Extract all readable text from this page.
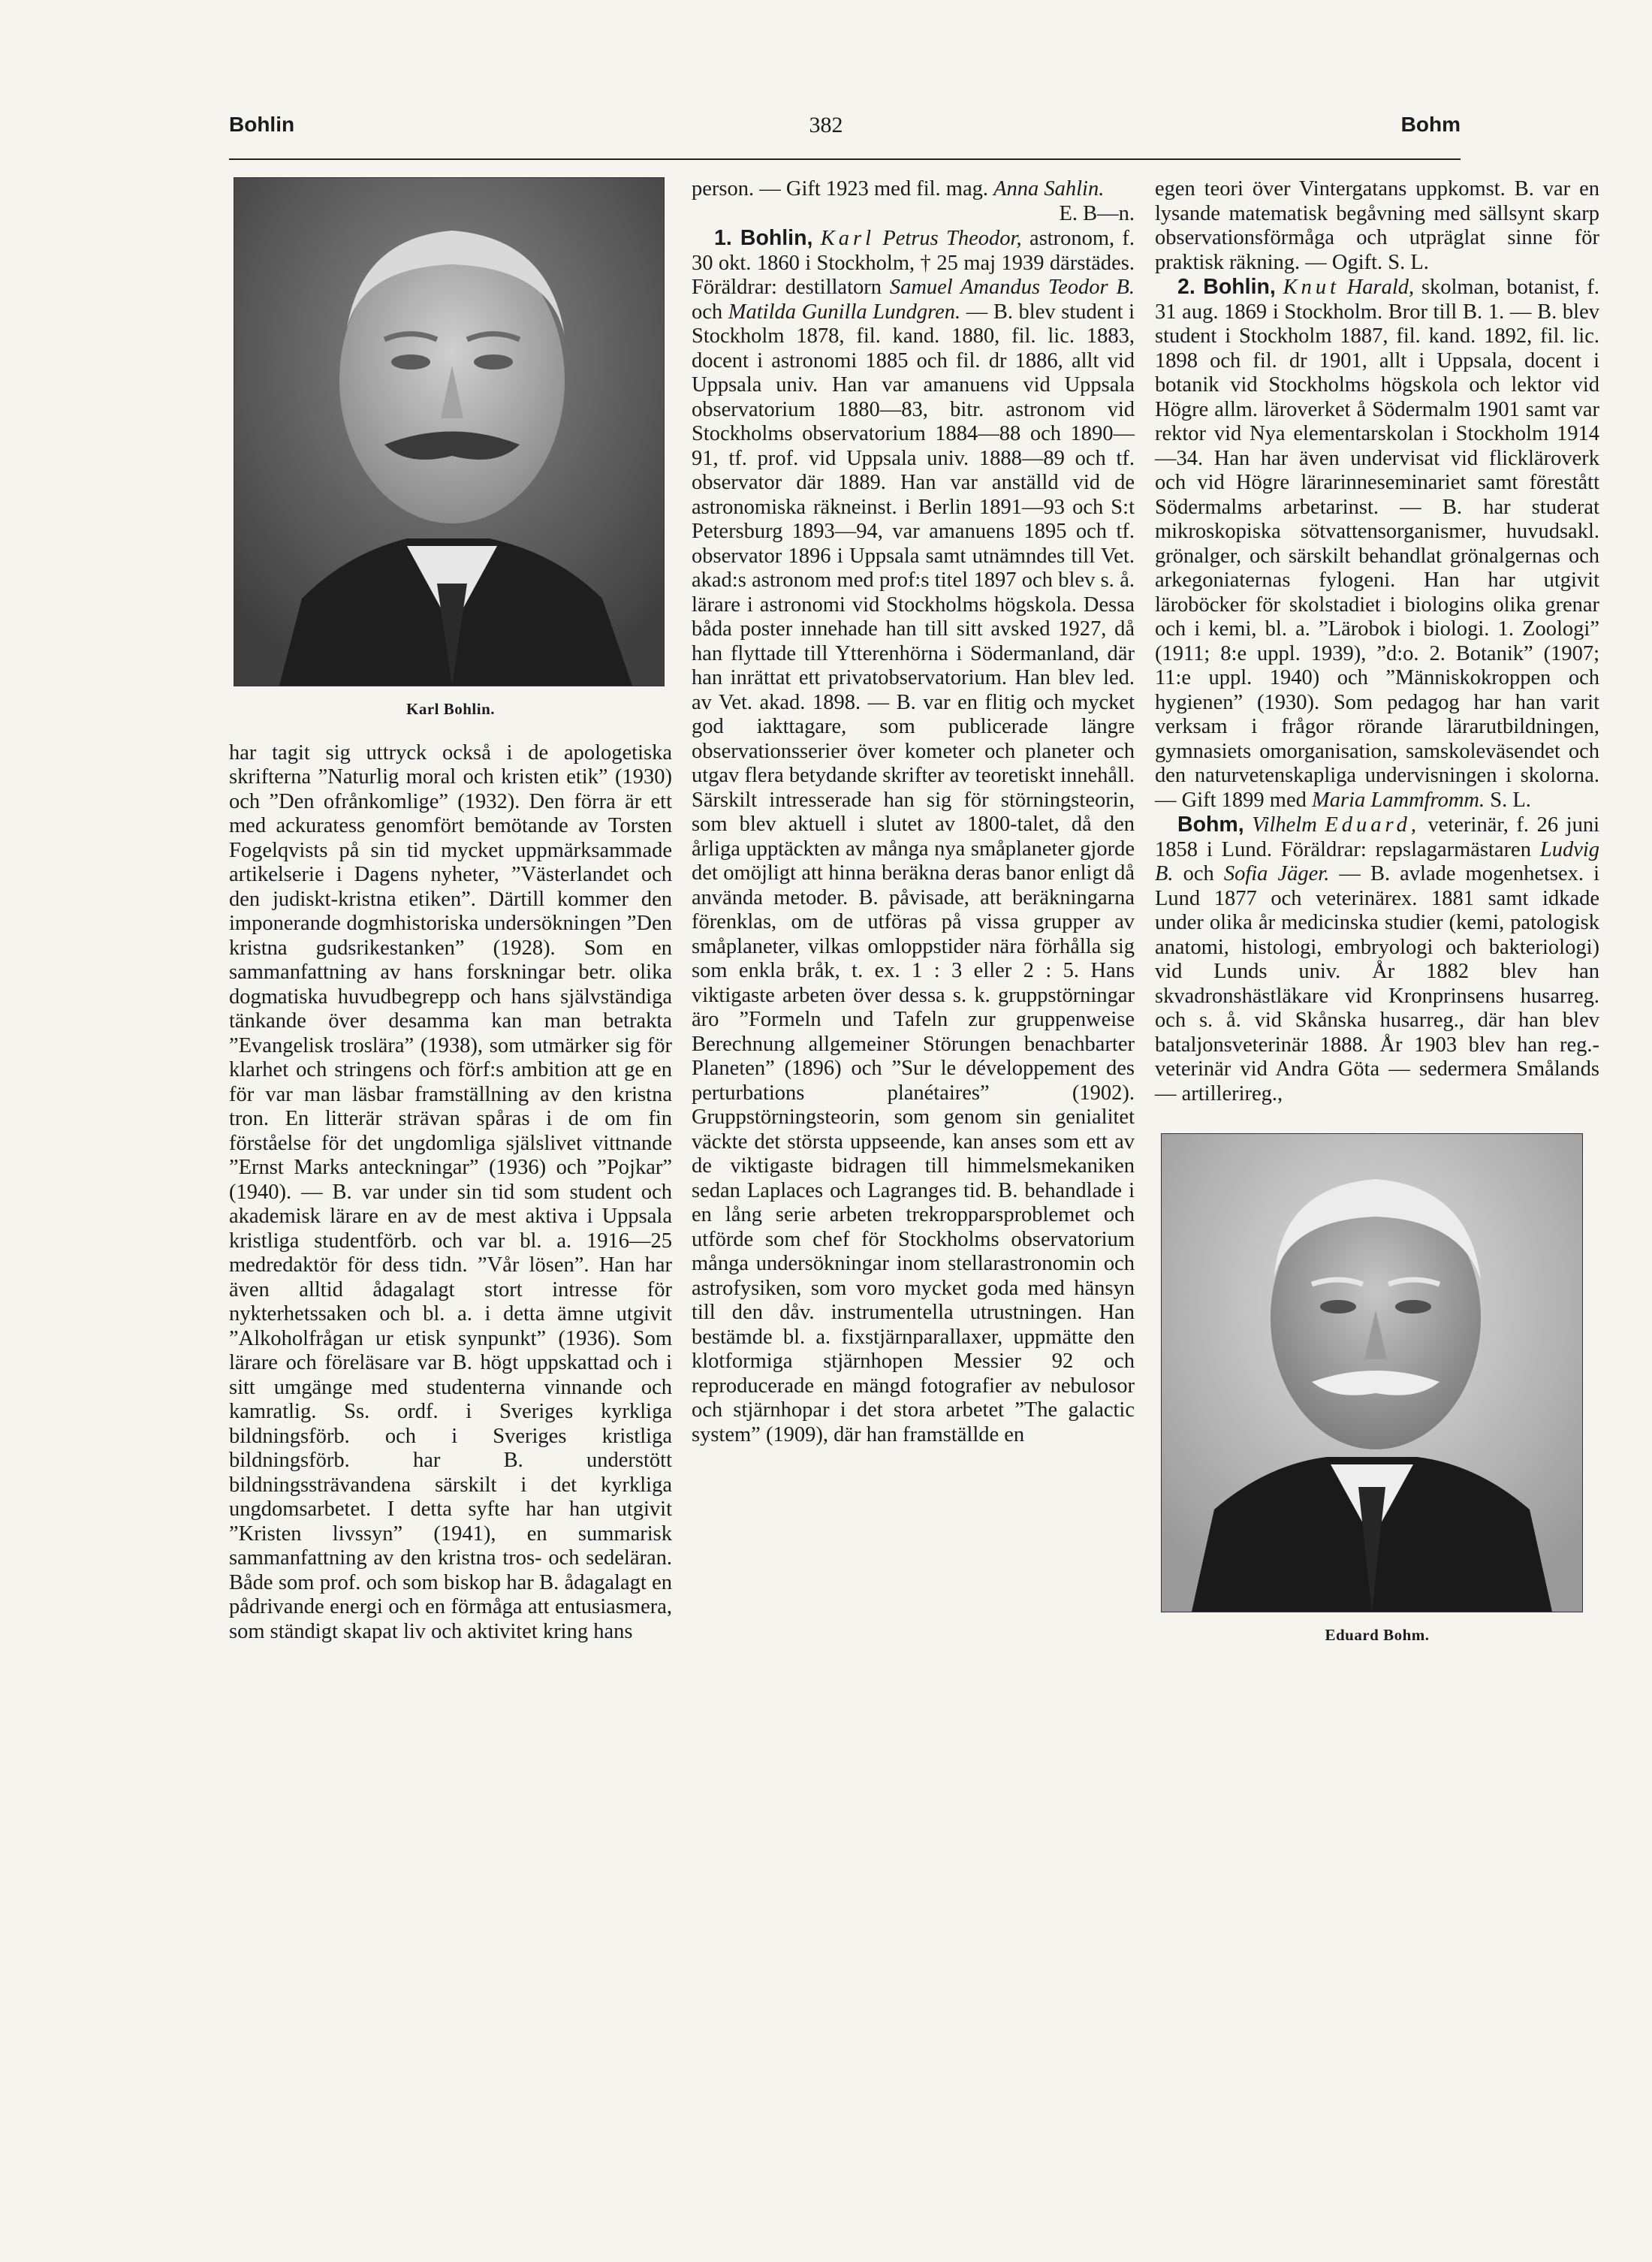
382
Bohlin	Bohm
Karl Bohlin.

har tagit sig uttryck också i de apologetiska skrifterna ”Naturlig moral och kristen etik” (1930) och ”Den ofrånkomlige” (1932). Den förra är ett med ackuratess genomfört bemötande av Torsten Fogelqvists på sin tid mycket uppmärksammade artikelserie i Dagens nyheter, ”Västerlandet och den judiskt-kristna etiken”. Därtill kommer den imponerande dogmhistoriska undersökningen ”Den kristna gudsrikestanken” (1928). Som en sammanfattning av hans forskningar betr. olika dogmatiska huvudbegrepp och hans självständiga tänkande över desamma kan man betrakta ”Evangelisk troslära” (1938), som utmärker sig för klarhet och stringens och förf:s ambition att ge en för var man läsbar framställning av den kristna tron. En litterär strävan spåras i de om fin förståelse för det ungdomliga själslivet vittnande ”Ernst Marks anteckningar” (1936) och ”Pojkar” (1940). — B. var under sin tid som student och akademisk lärare en av de mest aktiva i Uppsala kristliga studentförb. och var bl. a. 1916—25 medredaktör för dess tidn. ”Vår lösen”. Han har även alltid ådagalagt stort intresse för nykterhetssaken och bl. a. i detta ämne utgivit ”Alkoholfrågan ur etisk synpunkt” (1936). Som lärare och föreläsare var B. högt uppskattad och i sitt umgänge med studenterna vinnande och kamratlig. Ss. ordf. i Sveriges kyrkliga bildningsförb. och i Sveriges kristliga bildningsförb. har B. understött bildningssträvandena särskilt i det kyrkliga ungdomsarbetet. I detta syfte har han utgivit ”Kristen livssyn” (1941), en summarisk sammanfattning av den kristna tros- och sedeläran. Både som prof. och som biskop har B. ådagalagt en pådrivande energi och en förmåga att entusiasmera, som ständigt skapat liv och aktivitet kring hans

person. — Gift 1923 med fil. mag. Anna Sahlin.
E. B—n.

1. Bohlin, Karl Petrus Theodor, astronom, f. 30 okt. 1860 i Stockholm, † 25 maj 1939 därstädes. Föräldrar: destillatorn Samuel Amandus Teodor B. och Matilda Gunilla Lundgren. — B. blev student i Stockholm 1878, fil. kand. 1880, fil. lic. 1883, docent i astronomi 1885 och fil. dr 1886, allt vid Uppsala univ. Han var amanuens vid Uppsala observatorium 1880—83, bitr. astronom vid Stockholms observatorium 1884—88 och 1890—91, tf. prof. vid Uppsala univ. 1888—89 och tf. observator där 1889. Han var anställd vid de astronomiska räkneinst. i Berlin 1891—93 och S:t Petersburg 1893—94, var amanuens 1895 och tf. observator 1896 i Uppsala samt utnämndes till Vet. akad:s astronom med prof:s titel 1897 och blev s. å. lärare i astronomi vid Stockholms högskola. Dessa båda poster innehade han till sitt avsked 1927, då han flyttade till Ytterenhörna i Södermanland, där han inrättat ett privatobservatorium. Han blev led. av Vet. akad. 1898. — B. var en flitig och mycket god iakttagare, som publicerade längre observationsserier över kometer och planeter och utgav flera betydande skrifter av teoretiskt innehåll. Särskilt intresserade han sig för störningsteorin, som blev aktuell i slutet av 1800-talet, då den årliga upptäckten av många nya småplaneter gjorde det omöjligt att hinna beräkna deras banor enligt då använda metoder. B. påvisade, att beräkningarna förenklas, om de utföras på vissa grupper av småplaneter, vilkas omloppstider nära förhålla sig som enkla bråk, t. ex. 1 : 3 eller 2 : 5. Hans viktigaste arbeten över dessa s. k. gruppstörningar äro ”Formeln und Tafeln zur gruppenweise Berechnung allgemeiner Störungen benachbarter Planeten” (1896) och ”Sur le développement des perturbations planétaires” (1902). Gruppstörningsteorin, som genom sin genialitet väckte det största uppseende, kan anses som ett av de viktigaste bidragen till himmelsmekaniken sedan Laplaces och Lagranges tid. B. behandlade i en lång serie arbeten trekropparsproblemet och utförde som chef för Stockholms observatorium många undersökningar inom stellarastronomin och astrofysiken, som voro mycket goda med hänsyn till den dåv. instrumentella utrustningen. Han bestämde bl. a. fixstjärnparallaxer, uppmätte den klotformiga stjärnhopen Messier 92 och reproducerade en mängd fotografier av nebulosor och stjärnhopar i det stora arbetet ”The galactic system” (1909), där han framställde en

egen teori över Vintergatans uppkomst. B. var en lysande matematisk begåvning med sällsynt skarp observationsförmåga och utpräglat sinne för praktisk räkning. — Ogift. S. L.

2. Bohlin, Knut Harald, skolman, botanist, f. 31 aug. 1869 i Stockholm. Bror till B. 1. — B. blev student i Stockholm 1887, fil. kand. 1892, fil. lic. 1898 och fil. dr 1901, allt i Uppsala, docent i botanik vid Stockholms högskola och lektor vid Högre allm. läroverket å Södermalm 1901 samt var rektor vid Nya elementarskolan i Stockholm 1914—34. Han har även undervisat vid flickläroverk och vid Högre lärarinneseminariet samt förestått Södermalms arbetarinst. — B. har studerat mikroskopiska sötvattensorganismer, huvudsakl. grönalger, och särskilt behandlat grönalgernas och arkegoniaternas fylogeni. Han har utgivit läroböcker för skolstadiet i biologins olika grenar och i kemi, bl. a. ”Lärobok i biologi. 1. Zoologi” (1911; 8:e uppl. 1939), ”d:o. 2. Botanik” (1907; 11:e uppl. 1940) och ”Människokroppen och hygienen” (1930). Som pedagog har han varit verksam i frågor rörande lärarutbildningen, gymnasiets omorganisation, samskoleväsendet och den naturvetenskapliga undervisningen i skolorna. — Gift 1899 med Maria Lammfromm. S. L.

Bohm, Vilhelm Eduard, veterinär, f. 26 juni 1858 i Lund. Föräldrar: repslagarmästaren Ludvig B. och Sofia Jäger. — B. avlade mogenhetsex. i Lund 1877 och veterinärex. 1881 samt idkade under olika år medicinska studier (kemi, patologisk anatomi, histologi, embryologi och bakteriologi) vid Lunds univ. År 1882 blev han skvadronshästläkare vid Kronprinsens husarreg. och s. å. vid Skånska husarreg., där han blev bataljonsveterinär 1888. År 1903 blev han reg.-veterinär vid Andra Göta — sedermera Smålands — artillerireg.,

Eduard Bohm.
